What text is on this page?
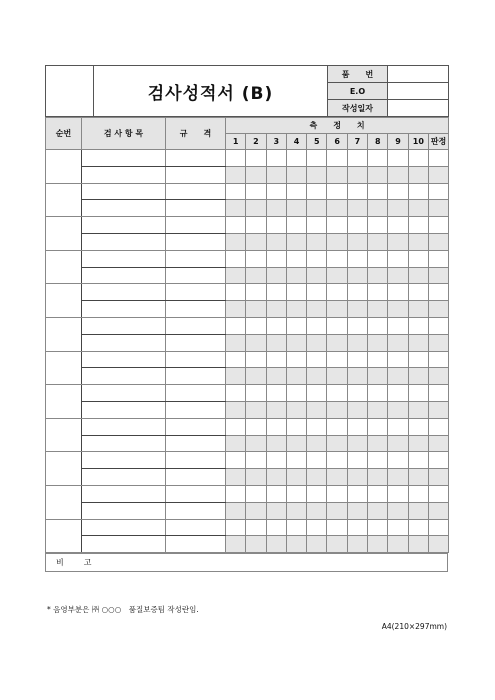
	검사성적서 (B)	품　　번	
		E.O	
		작성일자	
순번	검 사 항 목	규　　격	측　　정　　치										
			1	2	3	4	5	6	7	8	9	10	판정

비　고
* 음영부분은 ㈜ ○○○　품질보증팀 작성란임.
A4(210×297mm)
